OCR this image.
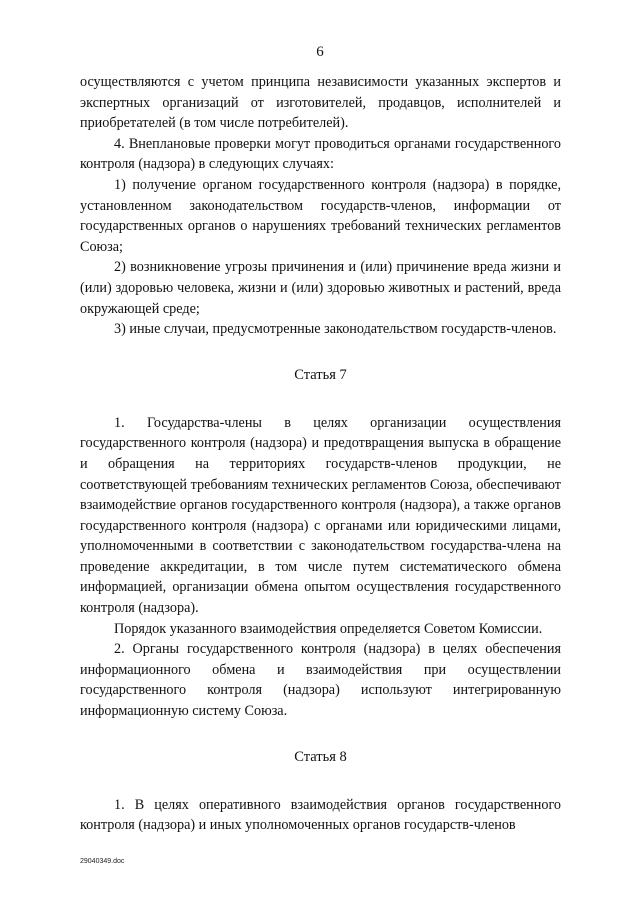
6

осуществляются с учетом принципа независимости указанных экспертов и экспертных организаций от изготовителей, продавцов, исполнителей и приобретателей (в том числе потребителей).

4. Внеплановые проверки могут проводиться органами государственного контроля (надзора) в следующих случаях:

1) получение органом государственного контроля (надзора) в порядке, установленном законодательством государств-членов, информации от государственных органов о нарушениях требований технических регламентов Союза;

2) возникновение угрозы причинения и (или) причинение вреда жизни и (или) здоровью человека, жизни и (или) здоровью животных и растений, вреда окружающей среде;

3) иные случаи, предусмотренные законодательством государств-членов.

Статья 7

1. Государства-члены в целях организации осуществления государственного контроля (надзора) и предотвращения выпуска в обращение и обращения на территориях государств-членов продукции, не соответствующей требованиям технических регламентов Союза, обеспечивают взаимодействие органов государственного контроля (надзора), а также органов государственного контроля (надзора) с органами или юридическими лицами, уполномоченными в соответствии с законодательством государства-члена на проведение аккредитации, в том числе путем систематического обмена информацией, организации обмена опытом осуществления государственного контроля (надзора).

Порядок указанного взаимодействия определяется Советом Комиссии.

2. Органы государственного контроля (надзора) в целях обеспечения информационного обмена и взаимодействия при осуществлении государственного контроля (надзора) используют интегрированную информационную систему Союза.

Статья 8

1. В целях оперативного взаимодействия органов государственного контроля (надзора) и иных уполномоченных органов государств-членов

29040349.doc
